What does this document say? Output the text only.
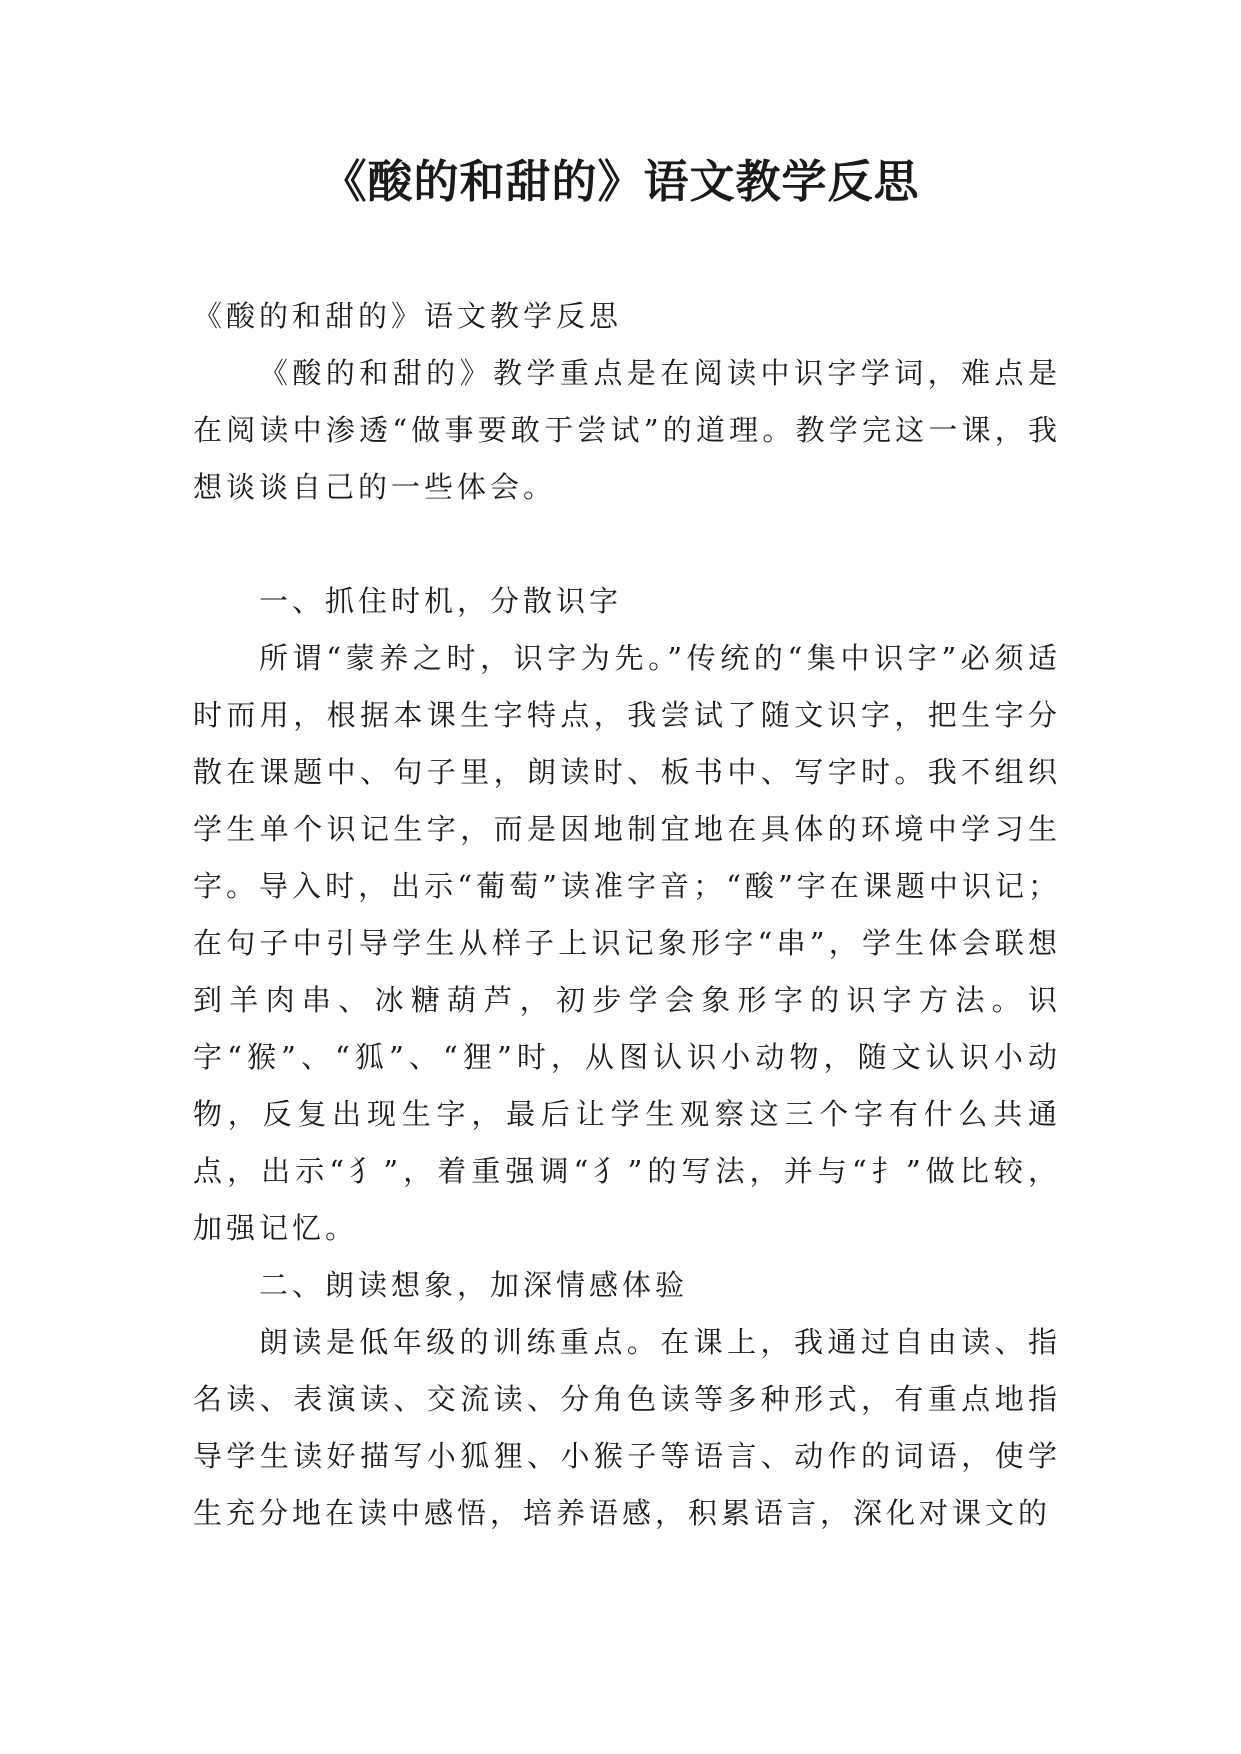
《酸的和甜的》语文教学反思

《酸的和甜的》语文教学反思

《酸的和甜的》教学重点是在阅读中识字学词，难点是在阅读中渗透“做事要敢于尝试”的道理。教学完这一课，我想谈谈自己的一些体会。

一、抓住时机，分散识字

所谓“蒙养之时，识字为先。”传统的“集中识字”必须适时而用，根据本课生字特点，我尝试了随文识字，把生字分散在课题中、句子里，朗读时、板书中、写字时。我不组织学生单个识记生字，而是因地制宜地在具体的环境中学习生字。导入时，出示“葡萄”读准字音；“酸”字在课题中识记；在句子中引导学生从样子上识记象形字“串”，学生体会联想到羊肉串、冰糖葫芦，初步学会象形字的识字方法。识字“猴”、“狐”、“狸”时，从图认识小动物，随文认识小动物，反复出现生字，最后让学生观察这三个字有什么共通点，出示“犭”，着重强调“犭”的写法，并与“扌”做比较，加强记忆。

二、朗读想象，加深情感体验

朗读是低年级的训练重点。在课上，我通过自由读、指名读、表演读、交流读、分角色读等多种形式，有重点地指导学生读好描写小狐狸、小猴子等语言、动作的词语，使学生充分地在读中感悟，培养语感，积累语言，深化对课文的
